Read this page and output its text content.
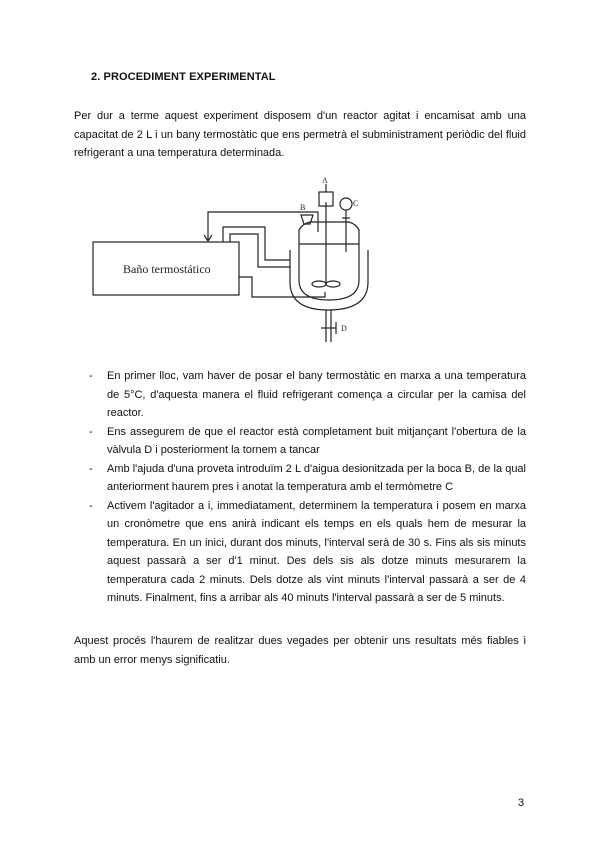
2. PROCEDIMENT EXPERIMENTAL

Per dur a terme aquest experiment disposem d'un reactor agitat i encamisat amb una capacitat de 2 L i un bany termostàtic que ens permetrà el subministrament periòdic del fluid refrigerant a una temperatura determinada.

Baño termostático
A
B	C
D
- En primer lloc, vam haver de posar el bany termostàtic en marxa a una temperatura de 5°C, d'aquesta manera el fluid refrigerant comença a circular per la camisa del reactor.
- Ens assegurem de que el reactor està completament buit mitjançant l'obertura de la vàlvula D i posteriorment la tornem a tancar
- Amb l'ajuda d'una proveta introduïm 2 L d'aigua desionitzada per la boca B, de la qual anteriorment haurem pres i anotat la temperatura amb el termòmetre C
- Activem l'agitador a i, immediatament, determinem la temperatura i posem en marxa un cronòmetre que ens anirà indicant els temps en els quals hem de mesurar la temperatura. En un inici, durant dos minuts, l'interval serà de 30 s. Fins als sis minuts aquest passarà a ser d'1 minut. Des dels sis als dotze minuts mesurarem la temperatura cada 2 minuts. Dels dotze als vint minuts l'interval passarà a ser de 4 minuts. Finalment, fins a arribar als 40 minuts l'interval passarà a ser de 5 minuts.

Aquest procés l'haurem de realitzar dues vegades per obtenir uns resultats més fiables i amb un error menys significatiu.

3
